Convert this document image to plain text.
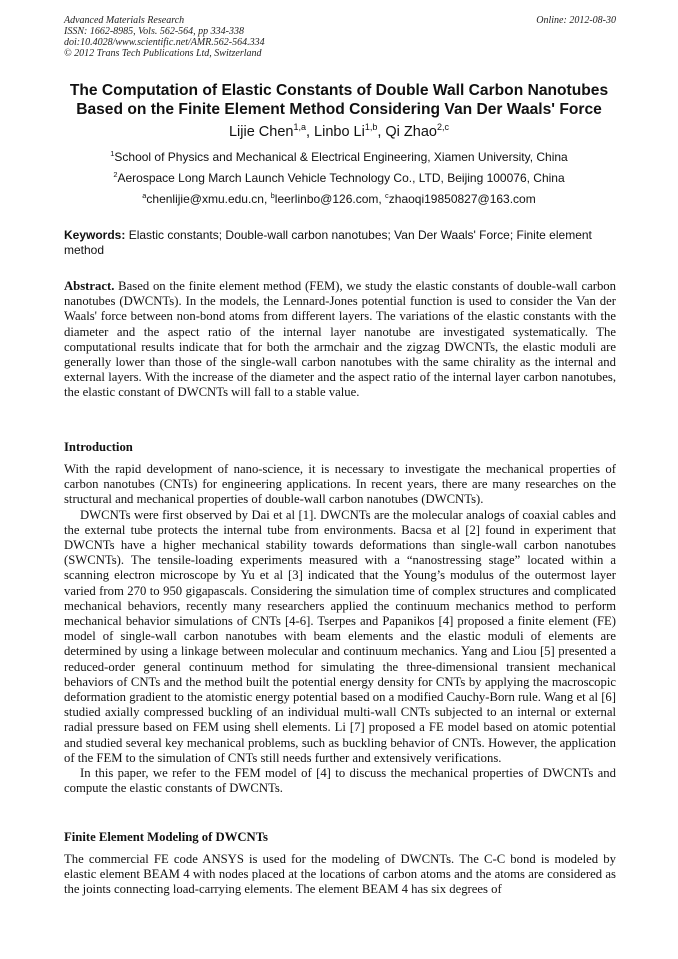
Advanced Materials Research	Online: 2012-08-30
ISSN: 1662-8985, Vols. 562-564, pp 334-338
doi:10.4028/www.scientific.net/AMR.562-564.334
© 2012 Trans Tech Publications Ltd, Switzerland
The Computation of Elastic Constants of Double Wall Carbon Nanotubes
Based on the Finite Element Method Considering Van Der Waals' Force
Lijie Chen$^{1,a}$, Linbo Li$^{1,b}$, Qi Zhao$^{2,c}$
$^1$School of Physics and Mechanical & Electrical Engineering, Xiamen University, China
$^2$Aerospace Long March Launch Vehicle Technology Co., LTD, Beijing 100076, China
$^a$chenlijie@xmu.edu.cn, $^b$leerlinbo@126.com, $^c$zhaoqi19850827@163.com
Keywords: Elastic constants; Double-wall carbon nanotubes; Van Der Waals' Force; Finite element method

Abstract. Based on the finite element method (FEM), we study the elastic constants of double-wall carbon nanotubes (DWCNTs). In the models, the Lennard-Jones potential function is used to consider the Van der Waals' force between non-bond atoms from different layers. The variations of the elastic constants with the diameter and the aspect ratio of the internal layer nanotube are investigated systematically. The computational results indicate that for both the armchair and the zigzag DWCNTs, the elastic moduli are generally lower than those of the single-wall carbon nanotubes with the same chirality as the internal and external layers. With the increase of the diameter and the aspect ratio of the internal layer carbon nanotubes, the elastic constant of DWCNTs will fall to a stable value.

Introduction

With the rapid development of nano-science, it is necessary to investigate the mechanical properties of carbon nanotubes (CNTs) for engineering applications. In recent years, there are many researches on the structural and mechanical properties of double-wall carbon nanotubes (DWCNTs).

DWCNTs were first observed by Dai et al [1]. DWCNTs are the molecular analogs of coaxial cables and the external tube protects the internal tube from environments. Bacsa et al [2] found in experiment that DWCNTs have a higher mechanical stability towards deformations than single-wall carbon nanotubes (SWCNTs). The tensile-loading experiments measured with a “nanostressing stage” located within a scanning electron microscope by Yu et al [3] indicated that the Young’s modulus of the outermost layer varied from 270 to 950 gigapascals. Considering the simulation time of complex structures and complicated mechanical behaviors, recently many researchers applied the continuum mechanics method to perform mechanical behavior simulations of CNTs [4-6]. Tserpes and Papanikos [4] proposed a finite element (FE) model of single-wall carbon nanotubes with beam elements and the elastic moduli of elements are determined by using a linkage between molecular and continuum mechanics. Yang and Liou [5] presented a reduced-order general continuum method for simulating the three-dimensional transient mechanical behaviors of CNTs and the method built the potential energy density for CNTs by applying the macroscopic deformation gradient to the atomistic energy potential based on a modified Cauchy-Born rule. Wang et al [6] studied axially compressed buckling of an individual multi-wall CNTs subjected to an internal or external radial pressure based on FEM using shell elements. Li [7] proposed a FE model based on atomic potential and studied several key mechanical problems, such as buckling behavior of CNTs. However, the application of the FEM to the simulation of CNTs still needs further and extensively verifications.

In this paper, we refer to the FEM model of [4] to discuss the mechanical properties of DWCNTs and compute the elastic constants of DWCNTs.

Finite Element Modeling of DWCNTs

The commercial FE code ANSYS is used for the modeling of DWCNTs. The C-C bond is modeled by elastic element BEAM 4 with nodes placed at the locations of carbon atoms and the atoms are considered as the joints connecting load-carrying elements. The element BEAM 4 has six degrees of
